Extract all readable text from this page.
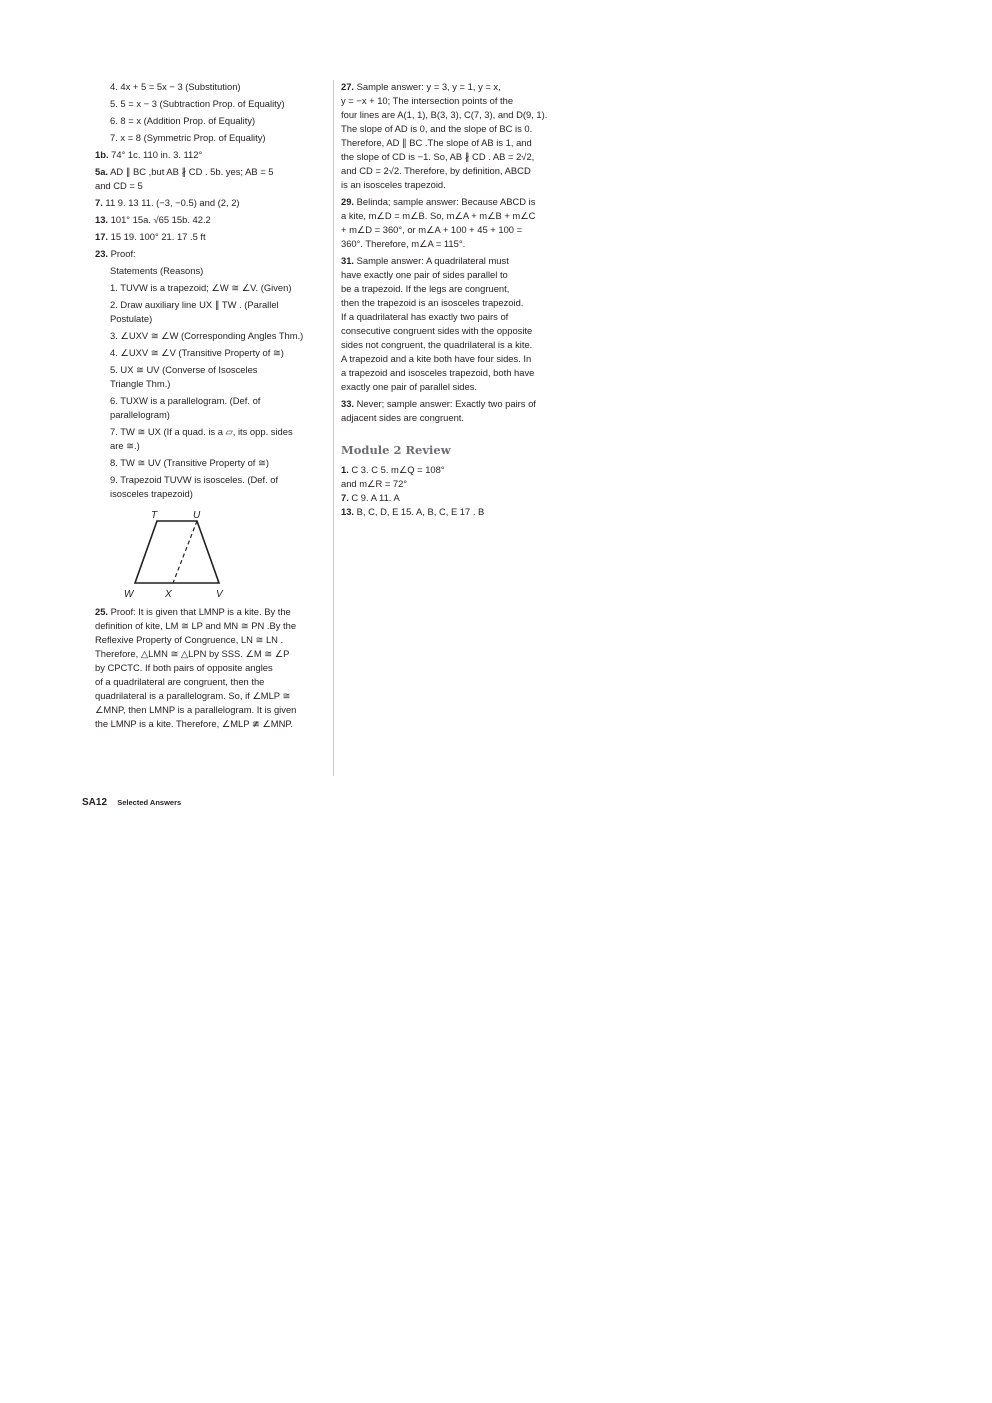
4. 4x + 5 = 5x − 3 (Substitution)
5. 5 = x − 3 (Subtraction Prop. of Equality)
6. 8 = x (Addition Prop. of Equality)
7. x = 8 (Symmetric Prop. of Equality)
1b. 74° 1c. 110 in. 3. 112°
5a. AD ∥ BC ,but AB ∦ CD . 5b. yes; AB = 5
and CD = 5
7. 11 9. 13 11. (−3, −0.5) and (2, 2)
13. 101° 15a. √65 15b. 42.2
17. 15 19. 100° 21. 17 .5 ft
23. Proof:
Statements (Reasons)
1. TUVW is a trapezoid; ∠W ≅ ∠V. (Given)
2. Draw auxiliary line UX ∥ TW . (Parallel
Postulate)
3. ∠UXV ≅ ∠W (Corresponding Angles Thm.)
4. ∠UXV ≅ ∠V (Transitive Property of ≅)
5. UX ≅ UV (Converse of Isosceles
Triangle Thm.)
6. TUXW is a parallelogram. (Def. of
parallelogram)
7. TW ≅ UX (If a quad. is a ▱, its opp. sides
are ≅.)
8. TW ≅ UV (Transitive Property of ≅)
9. Trapezoid TUVW is isosceles. (Def. of
isosceles trapezoid)
T	U
W	X	V
25. Proof: It is given that LMNP is a kite. By the
definition of kite, LM ≅ LP and MN ≅ PN .By the
Reflexive Property of Congruence, LN ≅ LN .
Therefore, △LMN ≅ △LPN by SSS. ∠M ≅ ∠P
by CPCTC. If both pairs of opposite angles
of a quadrilateral are congruent, then the
quadrilateral is a parallelogram. So, if ∠MLP ≅
∠MNP, then LMNP is a parallelogram. It is given
the LMNP is a kite. Therefore, ∠MLP ≇ ∠MNP.
27. Sample answer: y = 3, y = 1, y = x,
y = −x + 10; The intersection points of the
four lines are A(1, 1), B(3, 3), C(7, 3), and D(9, 1).
The slope of AD is 0, and the slope of BC is 0.
Therefore, AD ∥ BC .The slope of AB is 1, and
the slope of CD is −1. So, AB ∦ CD . AB = 2√2,
and CD = 2√2. Therefore, by definition, ABCD
is an isosceles trapezoid.
29. Belinda; sample answer: Because ABCD is
a kite, m∠D = m∠B. So, m∠A + m∠B + m∠C
+ m∠D = 360°, or m∠A + 100 + 45 + 100 =
360°. Therefore, m∠A = 115°.
31. Sample answer: A quadrilateral must
have exactly one pair of sides parallel to
be a trapezoid. If the legs are congruent,
then the trapezoid is an isosceles trapezoid.
If a quadrilateral has exactly two pairs of
consecutive congruent sides with the opposite
sides not congruent, the quadrilateral is a kite.
A trapezoid and a kite both have four sides. In
a trapezoid and isosceles trapezoid, both have
exactly one pair of parallel sides.
33. Never; sample answer: Exactly two pairs of
adjacent sides are congruent.
Module 2 Review
1. C 3. C 5. m∠Q = 108°
and m∠R = 72°
7. C 9. A 11. A
13. B, C, D, E 15. A, B, C, E 17 . B
SA12 Selected Answers
